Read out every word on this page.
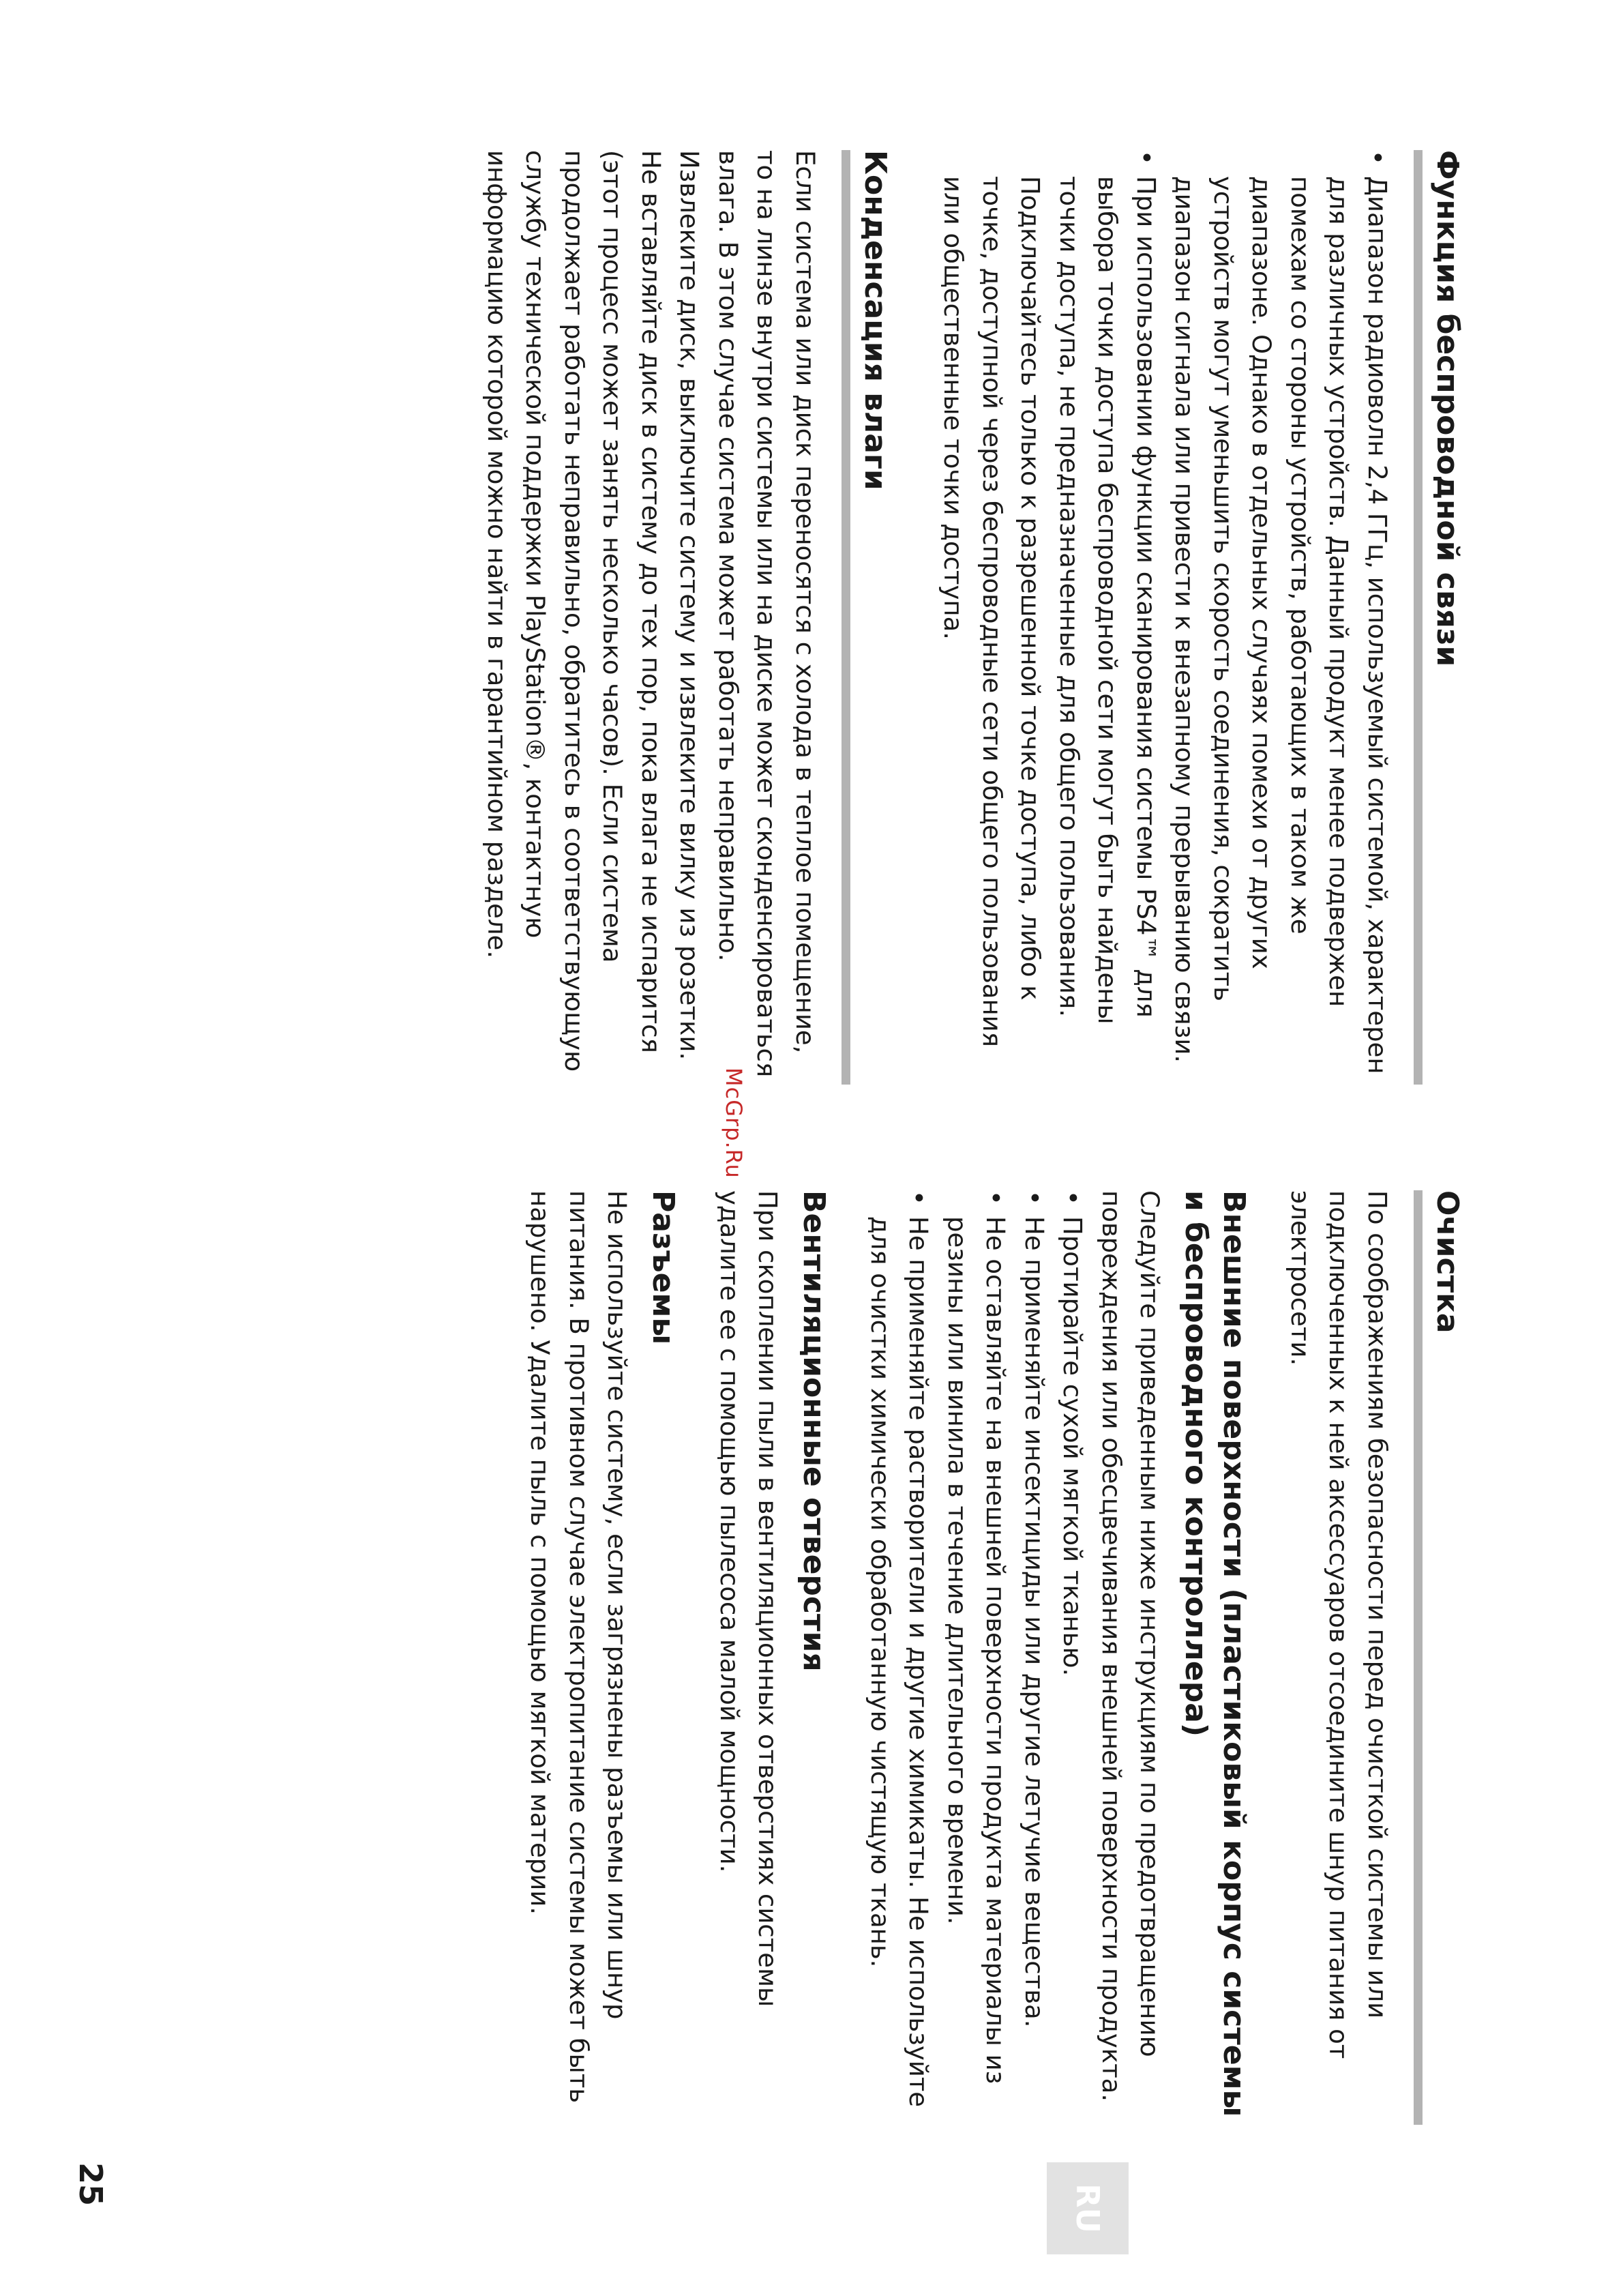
Функция беспроводной связи
•
Диапазон радиоволн 2,4 ГГц, используемый системой, характерен для различных устройств. Данный продукт менее подвержен помехам со стороны устройств, работающих в таком же диапазоне. Однако в отдельных случаях помехи от других устройств могут уменьшить скорость соединения, сократить диапазон сигнала или привести к внезапному прерыванию связи.
•
При использовании функции сканирования системы PS4™ для выбора точки доступа беспроводной сети могут быть найдены точки доступа, не предназначенные для общего пользования. Подключайтесь только к разрешенной точке доступа, либо к точке, доступной через беспроводные сети общего пользования или общественные точки доступа.
Конденсация влаги

Если система или диск переносятся с холода в теплое помещение, то на линзе внутри системы или на диске может сконденсироваться влага. В этом случае система может работать неправильно. Извлеките диск, выключите систему и извлеките вилку из розетки. Не вставляйте диск в систему до тех пор, пока влага не испарится (этот процесс может занять несколько часов). Если система продолжает работать неправильно, обратитесь в соответствующую службу технической поддержки PlayStation®, контактную информацию которой можно найти в гарантийном разделе.

Очистка

По соображениям безопасности перед очисткой системы или подключенных к ней аксессуаров отсоедините шнур питания от электросети.

Внешние поверхности (пластиковый корпус системы и беспроводного контроллера)

Следуйте приведенным ниже инструкциям по предотвращению повреждения или обесцвечивания внешней поверхности продукта.

•
Протирайте сухой мягкой тканью.
•
Не применяйте инсектициды или другие летучие вещества.
•
Не оставляйте на внешней поверхности продукта материалы из резины или винила в течение длительного времени.
•
Не применяйте растворители и другие химикаты. Не используйте для очистки химически обработанную чистящую ткань.
Вентиляционные отверстия

При скоплении пыли в вентиляционных отверстиях системы удалите ее с помощью пылесоса малой мощности.

Разъемы

Не используйте систему, если загрязнены разъемы или шнур питания. В противном случае электропитание системы может быть нарушено. Удалите пыль с помощью мягкой материи.

McGrp.Ru
RU
25
